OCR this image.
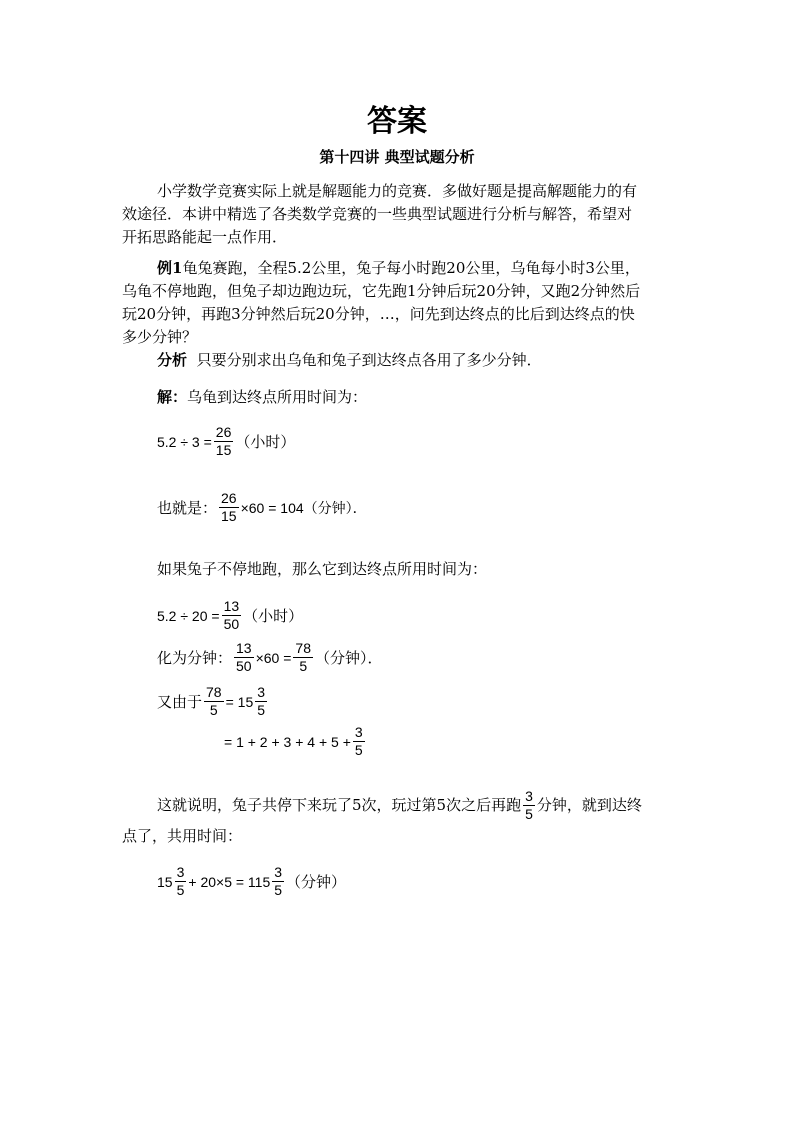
答案
第十四讲 典型试题分析
小学数学竞赛实际上就是解题能力的竞赛．多做好题是提高解题能力的有
效途径．本讲中精选了各类数学竞赛的一些典型试题进行分析与解答，希望对
开拓思路能起一点作用．
例1龟兔赛跑，全程5.2公里，兔子每小时跑20公里，乌龟每小时3公里，
乌龟不停地跑，但兔子却边跑边玩，它先跑1分钟后玩20分钟，又跑2分钟然后
玩20分钟，再跑3分钟然后玩20分钟，…，问先到达终点的比后到达终点的快
多少分钟？
分析 只要分别求出乌龟和兔子到达终点各用了多少分钟．
解：乌龟到达终点所用时间为：
$5.2 \div 3 = \frac{26}{15}$ （小时）
也就是： $\frac{26}{15} \times 60 = 104$（分钟）．
如果兔子不停地跑，那么它到达终点所用时间为：
$5.2 \div 20 = \frac{13}{50}$ （小时）
化为分钟： $\frac{13}{50} \times 60 = \frac{78}{5}$ （分钟）．
又由于 $\frac{78}{5} = 15 \frac{3}{5}$
= $1 + 2 + 3 + 4 + 5 + \frac{3}{5}$
这就说明，兔子共停下来玩了5次，玩过第5次之后再跑 $\frac{3}{5}$ 分钟，就到达终
点了，共用时间：
$15 \frac{3}{5} + 20\times 5 = 115 \frac{3}{5}$ （分钟）
